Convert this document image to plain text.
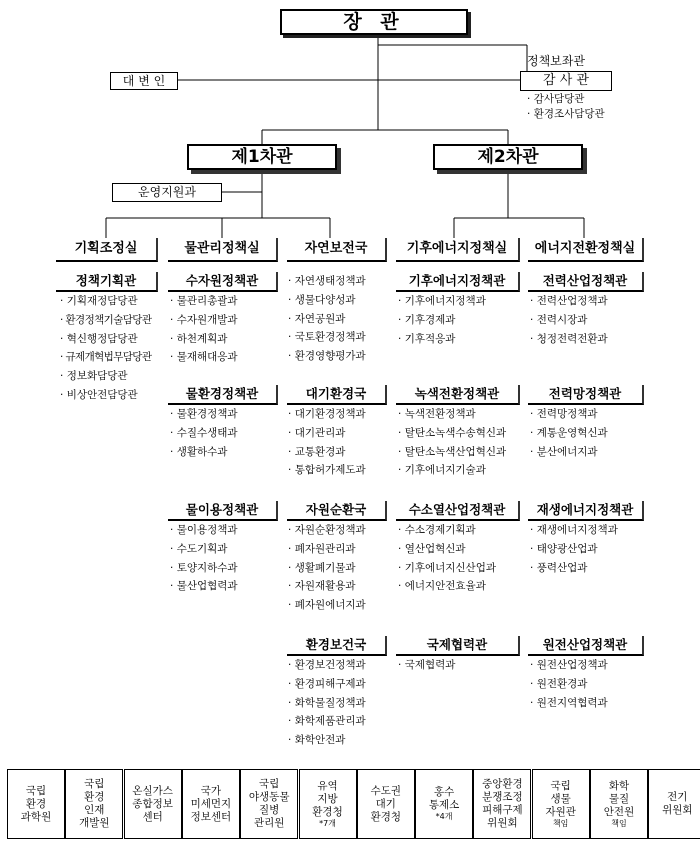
장 관
정책보좌관
대 변 인	감 사 관
· 감사담당관
· 환경조사담당관
제1차관	제2차관
운영지원과
기획조정실	물관리정책실	자연보전국	기후에너지정책실	에너지전환정책실
정책기획관
· 기획재정담당관
· 환경정책기술담당관
· 혁신행정담당관
· 규제개혁법무담당관
· 정보화담당관
· 비상안전담당관
수자원정책관
· 물관리총괄과
· 수자원개발과
· 하천계획과
· 물재해대응과
물환경정책관
· 물환경정책과
· 수질수생태과
· 생활하수과
물이용정책관
· 물이용정책과
· 수도기획과
· 토양지하수과
· 물산업협력과
· 자연생태정책과
· 생물다양성과
· 자연공원과
· 국토환경정책과
· 환경영향평가과
대기환경국
· 대기환경정책과
· 대기관리과
· 교통환경과
· 통합허가제도과
자원순환국
· 자원순환정책과
· 폐자원관리과
· 생활폐기물과
· 자원재활용과
· 폐자원에너지과
환경보건국
· 환경보건정책과
· 환경피해구제과
· 화학물질정책과
· 화학제품관리과
· 화학안전과
기후에너지정책관
· 기후에너지정책과
· 기후경제과
· 기후적응과
녹색전환정책관
· 녹색전환정책과
· 탈탄소녹색수송혁신과
· 탈탄소녹색산업혁신과
· 기후에너지기술과
수소열산업정책관
· 수소경제기획과
· 열산업혁신과
· 기후에너지신산업과
· 에너지안전효율과
국제협력관
· 국제협력과
전력산업정책관
· 전력산업정책과
· 전력시장과
· 청정전력전환과
전력망정책관
· 전력망정책과
· 계통운영혁신과
· 분산에너지과
재생에너지정책관
· 재생에너지정책과
· 태양광산업과
· 풍력산업과
원전산업정책관
· 원전산업정책과
· 원전환경과
· 원전지역협력과
국립
환경
과학원
국립
환경
인재
개발원
온실가스
종합정보
센터
국가
미세먼지
정보센터
국립
야생동물
질병
관리원
유역
지방
환경청
*7개
수도권
대기
환경청
홍수
통제소
*4개
중앙환경
분쟁조정
피해구제
위원회
국립
생물
자원관
책임
화학
물질
안전원
책임
전기
위원회
